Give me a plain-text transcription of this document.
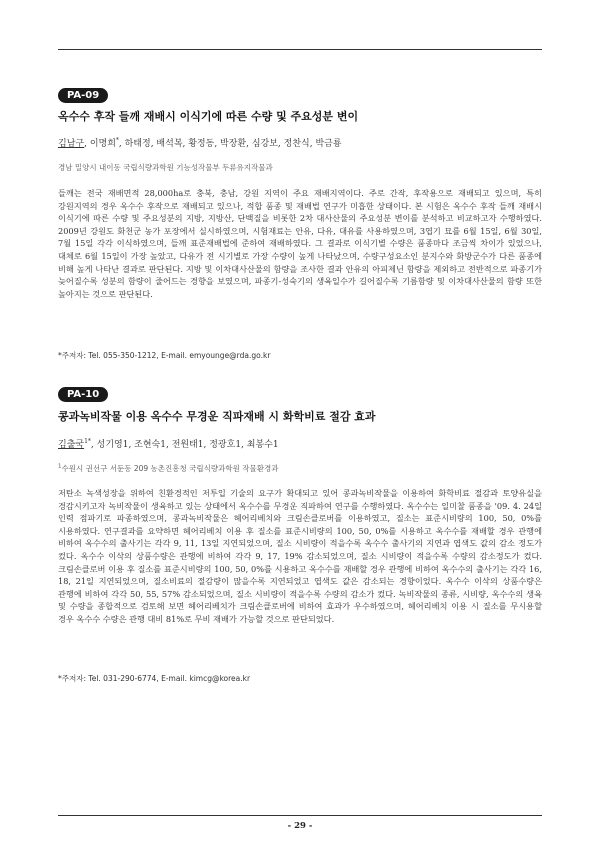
PA-09
옥수수 후작 들깨 재배시 이식기에 따른 수량 및 주요성분 변이
김남구, 이명희*, 하태정, 배석복, 황정동, 박장환, 심강보, 정찬식, 박금룡
경남 밀양시 내이동 국립식량과학원 기능성작물부 두류유지작물과

들깨는 전국 재배면적 28,000ha로 충북, 충남, 강원 지역이 주요 재배지역이다. 주로 간작, 후작용으로 재배되고 있으며, 특히 강원지역의 경우 옥수수 후작으로 재배되고 있으나, 적합 품종 및 재배법 연구가 미흡한 상태이다. 본 시험은 옥수수 후작 들깨 재배시 이식기에 따른 수량 및 주요성분의 지방, 지방산, 단백질을 비롯한 2차 대사산물의 주요성분 변이를 분석하고 비교하고자 수행하였다. 2009년 강원도 화천군 농가 포장에서 실시하였으며, 시험재료는 안유, 다유, 대유를 사용하였으며, 3엽기 묘를 6월 15일, 6월 30일, 7월 15일 각각 이식하였으며, 들깨 표준재배법에 준하여 재배하였다. 그 결과로 이식기별 수량은 품종마다 조금씩 차이가 있었으나, 대체로 6월 15일이 가장 높았고, 다유가 전 시기별로 가장 수량이 높게 나타났으며, 수량구성요소인 분지수와 화방군수가 다른 품종에 비해 높게 나타난 결과로 판단된다. 지방 및 이차대사산물의 함량을 조사한 결과 안유의 아피제닌 함량을 제외하고 전반적으로 파종기가 늦어질수록 성분의 함량이 줄어드는 경향을 보였으며, 파종기-성숙기의 생육일수가 길어질수록 기름함량 및 이차대사산물의 함량 또한 높아지는 것으로 판단된다.

*주저자: Tel. 055-350-1212, E-mail. emyounge@rda.go.kr
PA-10
콩과녹비작물 이용 옥수수 무경운 직파재배 시 화학비료 절감 효과
김출국$^{1*}$, 성기영1, 조현숙1, 전원태1, 정광호1, 최봉수1
$^1$수원시 권선구 서둔동 209 농촌진흥청 국립식량과학원 작물환경과

저탄소 녹색성장을 위하여 친환경적인 저투입 기술의 요구가 확대되고 있어 콩과녹비작물을 이용하여 화학비료 절감과 토양유실을 경감시키고자 녹비작물이 생육하고 있는 상태에서 옥수수를 무경운 직파하여 연구를 수행하였다. 옥수수는 일미찰 품종을 '09. 4. 24일 인력 점파기로 파종하였으며, 콩과녹비작물은 헤어리베치와 크림손클로버를 이용하였고, 질소는 표준시비량의 100, 50, 0%를 시용하였다. 연구결과를 요약하면 헤어리베치 이용 후 질소를 표준시비량의 100, 50, 0%를 시용하고 옥수수를 재배할 경우 관행에 비하여 옥수수의 출사기는 각각 9, 11, 13일 지연되었으며, 질소 시비량이 적을수록 옥수수 출사기의 지연과 엽색도 값의 감소 정도가 컸다. 옥수수 이삭의 상품수량은 관행에 비하여 각각 9, 17, 19% 감소되었으며, 질소 시비량이 적을수록 수량의 감소정도가 컸다. 크림손클로버 이용 후 질소를 표준시비량의 100, 50, 0%를 시용하고 옥수수를 재배할 경우 관행에 비하여 옥수수의 출사기는 각각 16, 18, 21일 지연되었으며, 질소비료의 절감량이 많을수록 지연되었고 엽색도 값은 감소되는 경향이었다. 옥수수 이삭의 상품수량은 관행에 비하여 각각 50, 55, 57% 감소되었으며, 질소 시비량이 적을수록 수량의 감소가 컸다. 녹비작물의 종류, 시비량, 옥수수의 생육 및 수량을 종합적으로 검토해 보면 헤어리베치가 크림손클로버에 비하여 효과가 우수하였으며, 헤어리베치 이용 시 질소를 무시용할 경우 옥수수 수량은 관행 대비 81%로 무비 재배가 가능할 것으로 판단되었다.

*주저자: Tel. 031-290-6774, E-mail. kimcg@korea.kr
- 29 -
